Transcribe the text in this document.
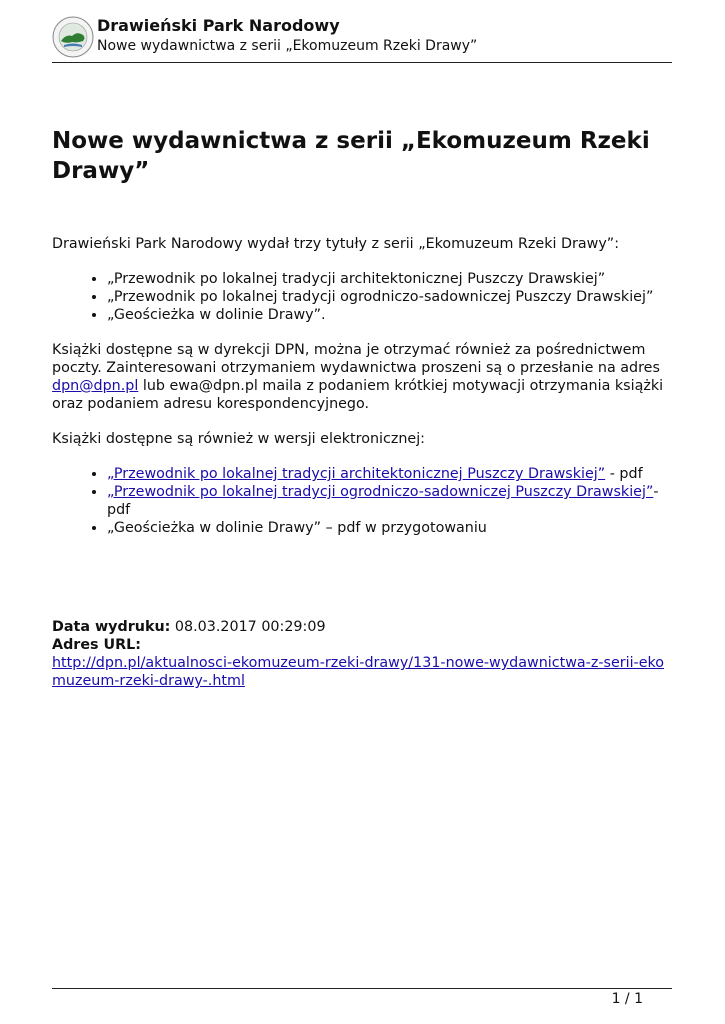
Drawieński Park Narodowy
Nowe wydawnictwa z serii „Ekomuzeum Rzeki Drawy”
Nowe wydawnictwa z serii „Ekomuzeum Rzeki Drawy”

Drawieński Park Narodowy wydał trzy tytuły z serii „Ekomuzeum Rzeki Drawy”:

• „Przewodnik po lokalnej tradycji architektonicznej Puszczy Drawskiej”
• „Przewodnik po lokalnej tradycji ogrodniczo-sadowniczej Puszczy Drawskiej”
• „Geościeżka w dolinie Drawy”.

Książki dostępne są w dyrekcji DPN, można je otrzymać również za pośrednictwem poczty. Zainteresowani otrzymaniem wydawnictwa proszeni są o przesłanie na adres dpn@dpn.pl lub ewa@dpn.pl maila z podaniem krótkiej motywacji otrzymania książki oraz podaniem adresu korespondencyjnego.

Książki dostępne są również w wersji elektronicznej:

• „Przewodnik po lokalnej tradycji architektonicznej Puszczy Drawskiej” - pdf
• „Przewodnik po lokalnej tradycji ogrodniczo-sadowniczej Puszczy Drawskiej”- pdf
• „Geościeżka w dolinie Drawy” – pdf w przygotowaniu
Data wydruku: 08.03.2017 00:29:09
Adres URL:
http://dpn.pl/aktualnosci-ekomuzeum-rzeki-drawy/131-nowe-wydawnictwa-z-serii-ekomuzeum-rzeki-drawy-.html
1 / 1
